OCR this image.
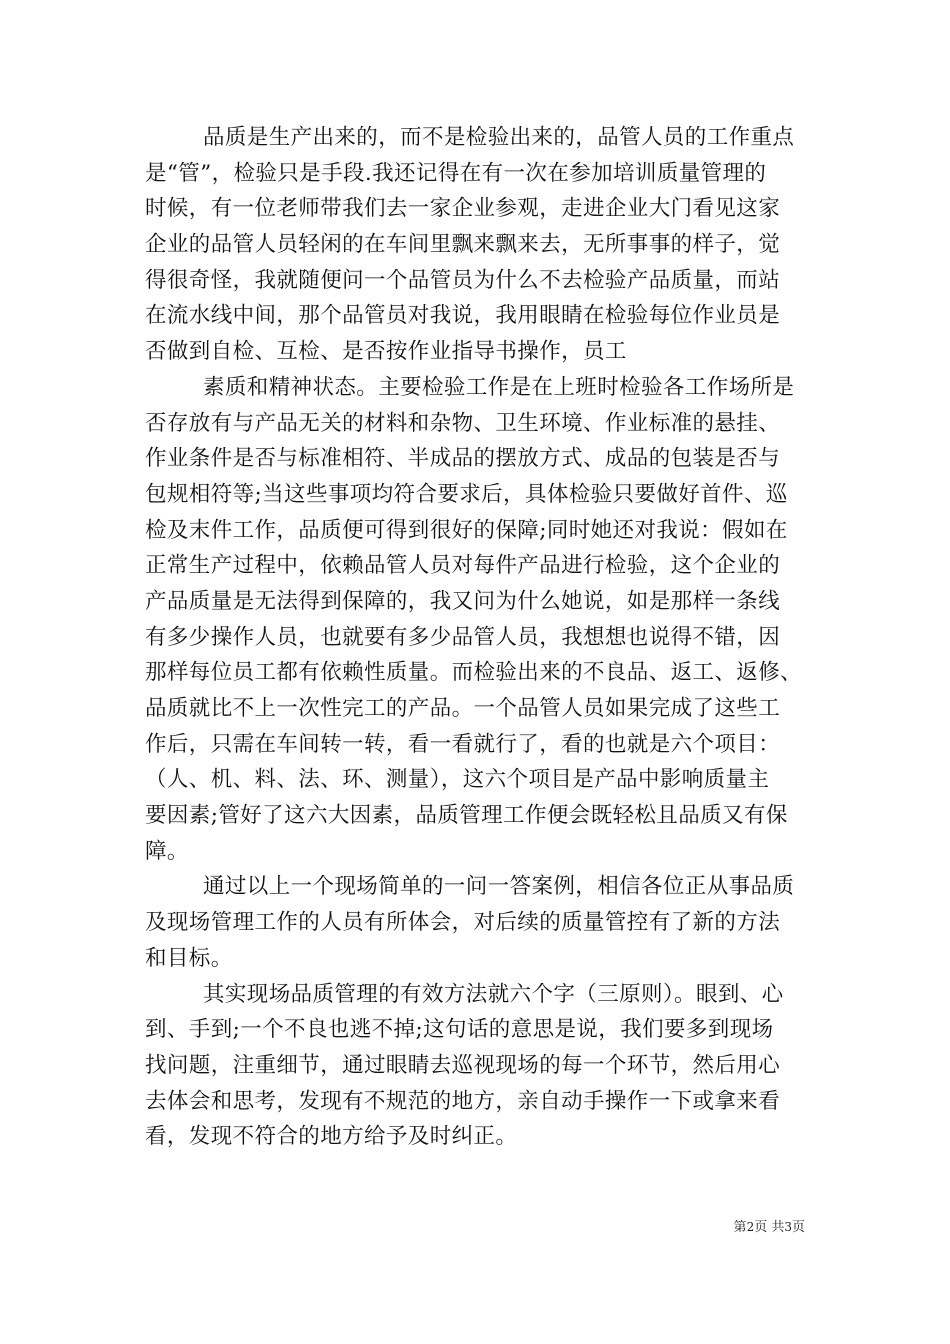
品质是生产出来的，而不是检验出来的，品管人员的工作重点
是“管”，检验只是手段.我还记得在有一次在参加培训质量管理的
时候，有一位老师带我们去一家企业参观，走进企业大门看见这家
企业的品管人员轻闲的在车间里飘来飘来去，无所事事的样子，觉
得很奇怪，我就随便问一个品管员为什么不去检验产品质量，而站
在流水线中间，那个品管员对我说，我用眼睛在检验每位作业员是
否做到自检、互检、是否按作业指导书操作，员工

素质和精神状态。主要检验工作是在上班时检验各工作场所是
否存放有与产品无关的材料和杂物、卫生环境、作业标准的悬挂、
作业条件是否与标准相符、半成品的摆放方式、成品的包装是否与
包规相符等;当这些事项均符合要求后，具体检验只要做好首件、巡
检及末件工作，品质便可得到很好的保障;同时她还对我说：假如在
正常生产过程中，依赖品管人员对每件产品进行检验，这个企业的
产品质量是无法得到保障的，我又问为什么她说，如是那样一条线
有多少操作人员，也就要有多少品管人员，我想想也说得不错，因
那样每位员工都有依赖性质量。而检验出来的不良品、返工、返修、
品质就比不上一次性完工的产品。一个品管人员如果完成了这些工
作后，只需在车间转一转，看一看就行了，看的也就是六个项目：
（人、机、料、法、环、测量），这六个项目是产品中影响质量主
要因素;管好了这六大因素，品质管理工作便会既轻松且品质又有保
障。

通过以上一个现场简单的一问一答案例，相信各位正从事品质
及现场管理工作的人员有所体会，对后续的质量管控有了新的方法
和目标。

其实现场品质管理的有效方法就六个字（三原则）。眼到、心
到、手到;一个不良也逃不掉;这句话的意思是说，我们要多到现场
找问题，注重细节，通过眼睛去巡视现场的每一个环节，然后用心
去体会和思考，发现有不规范的地方，亲自动手操作一下或拿来看
看，发现不符合的地方给予及时纠正。

第2页 共3页
